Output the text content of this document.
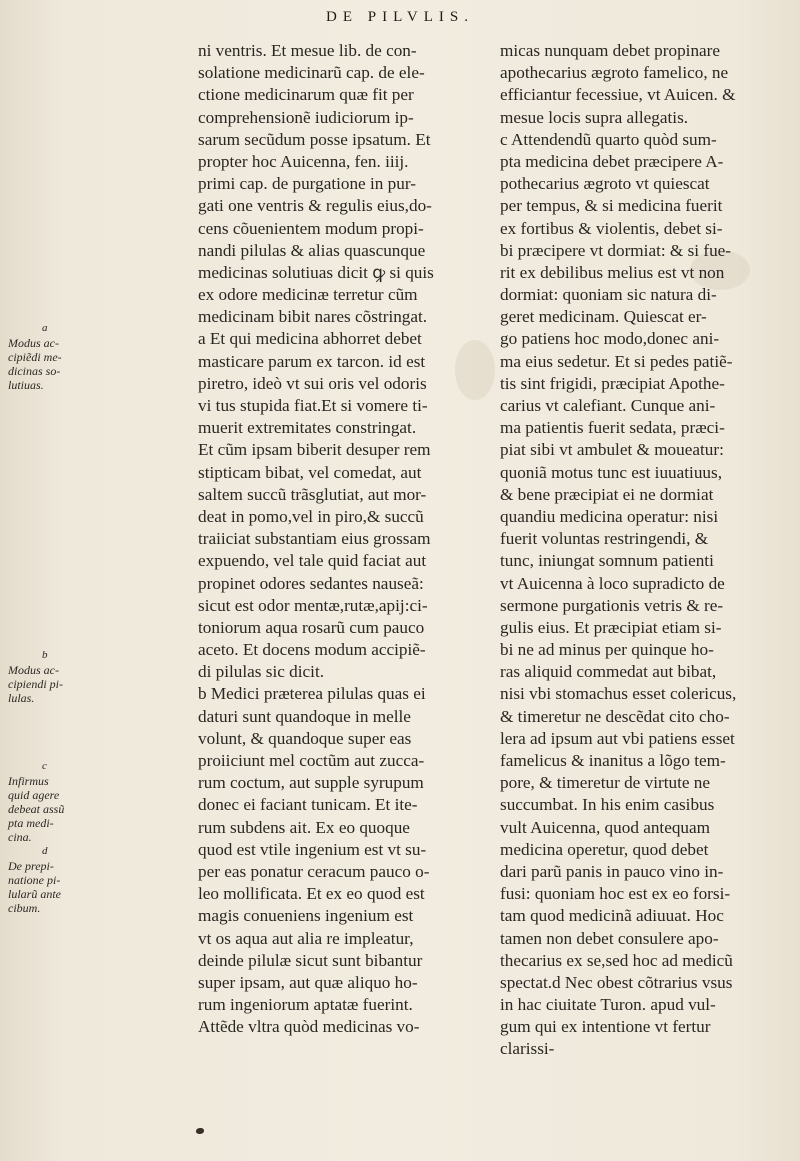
DE PILVLIS.
ni ventris. Et mesue lib. de con-
solatione medicinarũ cap. de ele-
ctione medicinarum quæ fit per
comprehensionẽ iudiciorum ip-
sarum secũdum posse ipsatum. Et
propter hoc Auicenna, fen. iiij.
primi cap. de purgatione in pur-
gati one ventris & regulis eius,do-
cens cõuenientem modum propi-
nandi pilulas & alias quascunque
medicinas solutiuas dicit ꝙ si quis
ex odore medicinæ terretur cũm
medicinam bibit nares cõstringat.
a Et qui medicina abhorret debet
masticare parum ex tarcon. id est
piretro, ideò vt sui oris vel odoris
vi tus stupida fiat.Et si vomere ti-
muerit extremitates constringat.
Et cũm ipsam biberit desuper rem
stipticam bibat, vel comedat, aut
saltem succũ trãsglutiat, aut mor-
deat in pomo,vel in piro,& succũ
traiiciat substantiam eius grossam
expuendo, vel tale quid faciat aut
propinet odores sedantes nauseã:
sicut est odor mentæ,rutæ,apij:ci-
toniorum aqua rosarũ cum pauco
aceto. Et docens modum accipiẽ-
di pilulas sic dicit.
b Medici præterea pilulas quas ei
daturi sunt quandoque in melle
volunt, & quandoque super eas
proiiciunt mel coctũm aut zucca-
rum coctum, aut supple syrupum
donec ei faciant tunicam. Et ite-
rum subdens ait. Ex eo quoque
quod est vtile ingenium est vt su-
per eas ponatur ceracum pauco o-
leo mollificata. Et ex eo quod est
magis conueniens ingenium est
vt os aqua aut alia re impleatur,
deinde pilulæ sicut sunt bibantur
super ipsam, aut quæ aliquo ho-
rum ingeniorum aptatæ fuerint.
Attẽde vltra quòd medicinas vo-
micas nunquam debet propinare
apothecarius ægroto famelico, ne
efficiantur fecessiue, vt Auicen. &
mesue locis supra allegatis.
c Attendendũ quarto quòd sum-
pta medicina debet præcipere A-
pothecarius ægroto vt quiescat
per tempus, & si medicina fuerit
ex fortibus & violentis, debet si-
bi præcipere vt dormiat: & si fue-
rit ex debilibus melius est vt non
dormiat: quoniam sic natura di-
geret medicinam. Quiescat er-
go patiens hoc modo,donec ani-
ma eius sedetur. Et si pedes patiẽ-
tis sint frigidi, præcipiat Apothe-
carius vt calefiant. Cunque ani-
ma patientis fuerit sedata, præci-
piat sibi vt ambulet & moueatur:
quoniã motus tunc est iuuatiuus,
& bene præcipiat ei ne dormiat
quandiu medicina operatur: nisi
fuerit voluntas restringendi, &
tunc, iniungat somnum patienti
vt Auicenna à loco supradicto de
sermone purgationis vetris & re-
gulis eius. Et præcipiat etiam si-
bi ne ad minus per quinque ho-
ras aliquid commedat aut bibat,
nisi vbi stomachus esset colericus,
& timeretur ne descẽdat cito cho-
lera ad ipsum aut vbi patiens esset
famelicus & inanitus a lõgo tem-
pore, & timeretur de virtute ne
succumbat. In his enim casibus
vult Auicenna, quod antequam
medicina operetur, quod debet
dari parũ panis in pauco vino in-
fusi: quoniam hoc est ex eo forsi-
tam quod medicinã adiuuat. Hoc
tamen non debet consulere apo-
thecarius ex se,sed hoc ad medicũ
spectat.d Nec obest cõtrarius vsus
in hac ciuitate Turon. apud vul-
gum qui ex intentione vt fertur
clarissi-
a
Modus ac-
cipiẽdi me-
dicinas so-
lutiuas.
b
Modus ac-
cipiendi pi-
lulas.
c
Infirmus
quid agere
debeat assũ
pta medi-
cina.
d
De prepi-
natione pi-
lularũ ante
cibum.
